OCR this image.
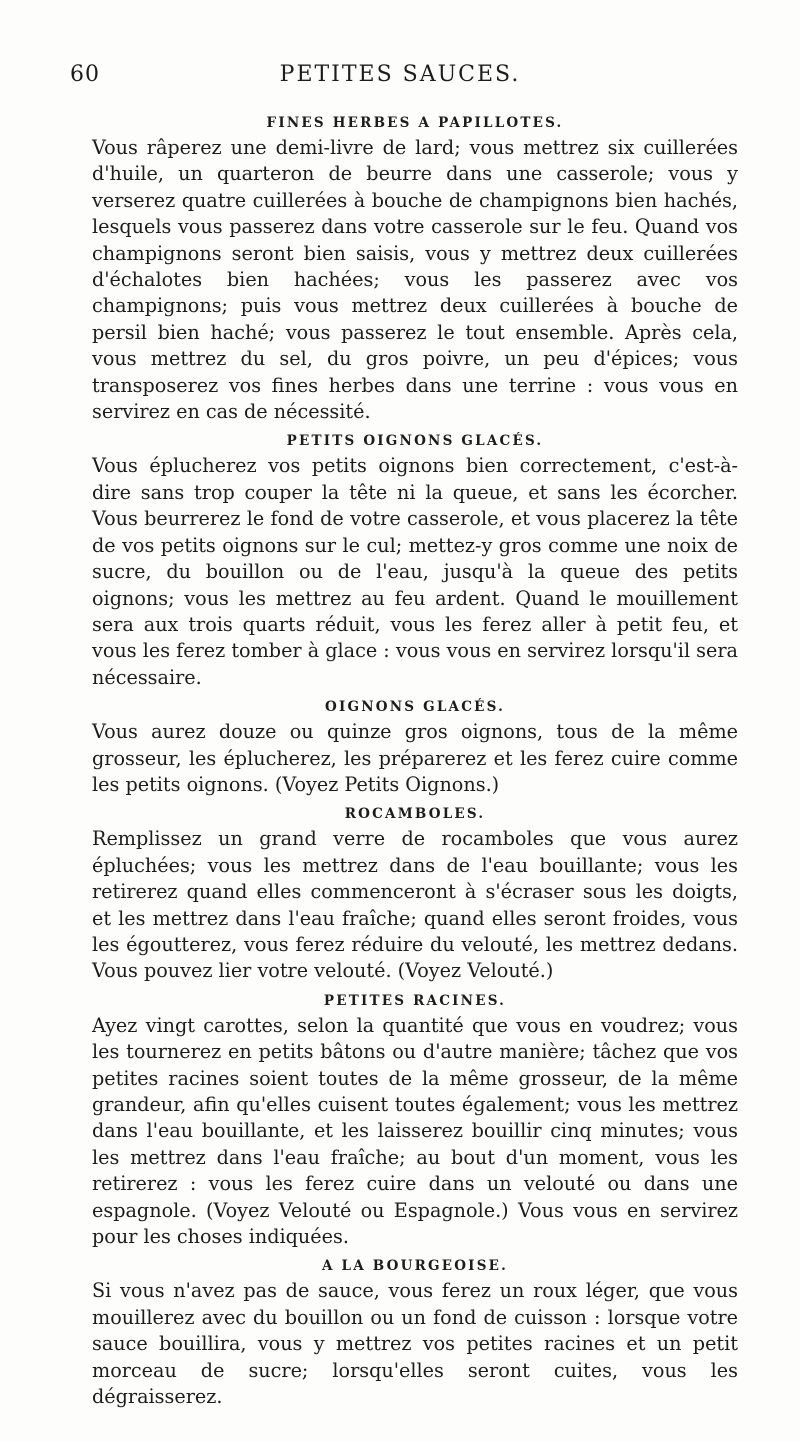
60	PETITES SAUCES.
FINES HERBES A PAPILLOTES.

Vous râperez une demi-livre de lard; vous mettrez six cuillerées d'huile, un quarteron de beurre dans une casserole; vous y verserez quatre cuillerées à bouche de champignons bien hachés, lesquels vous passerez dans votre casserole sur le feu. Quand vos champignons seront bien saisis, vous y mettrez deux cuillerées d'échalotes bien hachées; vous les passerez avec vos champignons; puis vous mettrez deux cuillerées à bouche de persil bien haché; vous passerez le tout ensemble. Après cela, vous mettrez du sel, du gros poivre, un peu d'épices; vous transposerez vos fines herbes dans une terrine : vous vous en servirez en cas de nécessité.

PETITS OIGNONS GLACÉS.

Vous éplucherez vos petits oignons bien correctement, c'est-à-dire sans trop couper la tête ni la queue, et sans les écorcher. Vous beurrerez le fond de votre casserole, et vous placerez la tête de vos petits oignons sur le cul; mettez-y gros comme une noix de sucre, du bouillon ou de l'eau, jusqu'à la queue des petits oignons; vous les mettrez au feu ardent. Quand le mouillement sera aux trois quarts réduit, vous les ferez aller à petit feu, et vous les ferez tomber à glace : vous vous en servirez lorsqu'il sera nécessaire.

OIGNONS GLACÉS.

Vous aurez douze ou quinze gros oignons, tous de la même grosseur, les éplucherez, les préparerez et les ferez cuire comme les petits oignons. (Voyez Petits Oignons.)

ROCAMBOLES.

Remplissez un grand verre de rocamboles que vous aurez épluchées; vous les mettrez dans de l'eau bouillante; vous les retirerez quand elles commenceront à s'écraser sous les doigts, et les mettrez dans l'eau fraîche; quand elles seront froides, vous les égoutterez, vous ferez réduire du velouté, les mettrez dedans. Vous pouvez lier votre velouté. (Voyez Velouté.)

PETITES RACINES.

Ayez vingt carottes, selon la quantité que vous en voudrez; vous les tournerez en petits bâtons ou d'autre manière; tâchez que vos petites racines soient toutes de la même grosseur, de la même grandeur, afin qu'elles cuisent toutes également; vous les mettrez dans l'eau bouillante, et les laisserez bouillir cinq minutes; vous les mettrez dans l'eau fraîche; au bout d'un moment, vous les retirerez : vous les ferez cuire dans un velouté ou dans une espagnole. (Voyez Velouté ou Espagnole.) Vous vous en servirez pour les choses indiquées.

A LA BOURGEOISE.

Si vous n'avez pas de sauce, vous ferez un roux léger, que vous mouillerez avec du bouillon ou un fond de cuisson : lorsque votre sauce bouillira, vous y mettrez vos petites racines et un petit morceau de sucre; lorsqu'elles seront cuites, vous les dégraisserez.
